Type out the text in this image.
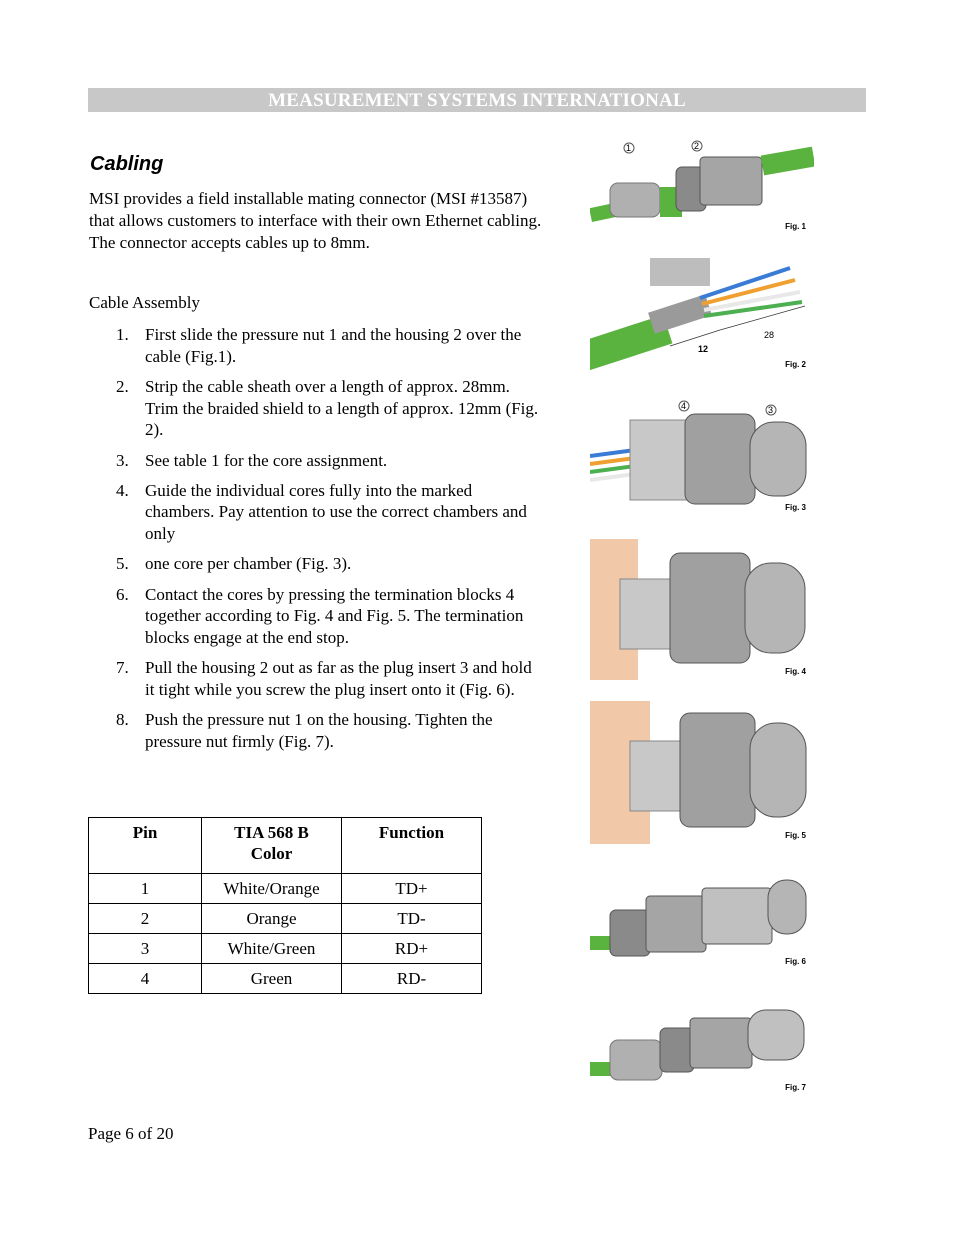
MEASUREMENT SYSTEMS INTERNATIONAL
Cabling

MSI provides a field installable mating connector (MSI #13587) that allows customers to interface with their own Ethernet cabling. The connector accepts cables up to 8mm.

Cable Assembly

1. First slide the pressure nut 1 and the housing 2 over the cable (Fig.1).
2. Strip the cable sheath over a length of approx. 28mm. Trim the braided shield to a length of approx. 12mm (Fig. 2).
3. See table 1 for the core assignment.
4. Guide the individual cores fully into the marked chambers. Pay attention to use the correct chambers and only
5. one core per chamber (Fig. 3).
6. Contact the cores by pressing the termination blocks 4 together according to Fig. 4 and Fig. 5. The termination blocks engage at the end stop.
7. Pull the housing 2 out as far as the plug insert 3 and hold it tight while you screw the plug insert onto it (Fig. 6).
8. Push the pressure nut 1 on the housing. Tighten the pressure nut firmly (Fig. 7).
Pin	TIA 568 B Color	Function
1	White/Orange	TD+
2	Orange	TD-
3	White/Green	RD+
4	Green	RD-
1	2
Fig. 1
12
28
Fig. 2
4	3
Fig. 3
Fig. 4
Fig. 5
Fig. 6
Fig. 7

Page 6 of 20
